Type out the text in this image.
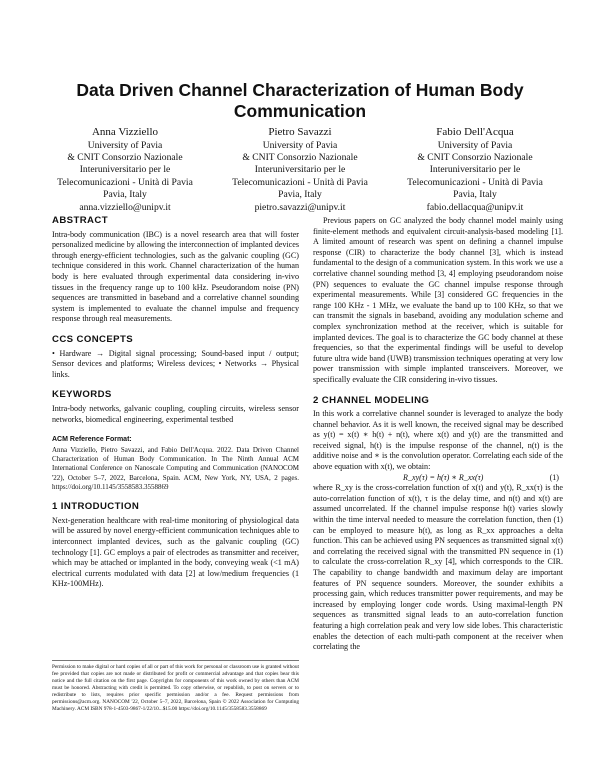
Data Driven Channel Characterization of Human Body Communication
Anna Vizziello
University of Pavia
& CNIT Consorzio Nazionale
Interuniversitario per le
Telecomunicazioni - Unità di Pavia
Pavia, Italy
anna.vizziello@unipv.it
Pietro Savazzi
University of Pavia
& CNIT Consorzio Nazionale
Interuniversitario per le
Telecomunicazioni - Unità di Pavia
Pavia, Italy
pietro.savazzi@unipv.it
Fabio Dell'Acqua
University of Pavia
& CNIT Consorzio Nazionale
Interuniversitario per le
Telecomunicazioni - Unità di Pavia
Pavia, Italy
fabio.dellacqua@unipv.it
ABSTRACT

Intra-body communication (IBC) is a novel research area that will foster personalized medicine by allowing the interconnection of implanted devices through energy-efficient technologies, such as the galvanic coupling (GC) technique considered in this work. Channel characterization of the human body is here evaluated through experimental data considering in-vivo tissues in the frequency range up to 100 kHz. Pseudorandom noise (PN) sequences are transmitted in baseband and a correlative channel sounding system is implemented to evaluate the channel impulse and frequency response through real measurements.

CCS CONCEPTS

• Hardware → Digital signal processing; Sound-based input / output; Sensor devices and platforms; Wireless devices; • Networks → Physical links.

KEYWORDS

Intra-body networks, galvanic coupling, coupling circuits, wireless sensor networks, biomedical engineering, experimental testbed

ACM Reference Format:

Anna Vizziello, Pietro Savazzi, and Fabio Dell'Acqua. 2022. Data Driven Channel Characterization of Human Body Communication. In The Ninth Annual ACM International Conference on Nanoscale Computing and Communication (NANOCOM '22), October 5–7, 2022, Barcelona, Spain. ACM, New York, NY, USA, 2 pages. https://doi.org/10.1145/3558583.3558869

1 INTRODUCTION

Next-generation healthcare with real-time monitoring of physiological data will be assured by novel energy-efficient communication techniques able to interconnect implanted devices, such as the galvanic coupling (GC) technology [1]. GC employs a pair of electrodes as transmitter and receiver, which may be attached or implanted in the body, conveying weak (<1 mA) electrical currents modulated with data [2] at low/medium frequencies (1 KHz-100MHz).

Permission to make digital or hard copies of all or part of this work for personal or classroom use is granted without fee provided that copies are not made or distributed for profit or commercial advantage and that copies bear this notice and the full citation on the first page. Copyrights for components of this work owned by others than ACM must be honored. Abstracting with credit is permitted. To copy otherwise, or republish, to post on servers or to redistribute to lists, requires prior specific permission and/or a fee. Request permissions from permissions@acm.org. NANOCOM '22, October 5–7, 2022, Barcelona, Spain © 2022 Association for Computing Machinery. ACM ISBN 978-1-4503-9867-1/22/10...$15.00 https://doi.org/10.1145/3558583.3558869

Previous papers on GC analyzed the body channel model mainly using finite-element methods and equivalent circuit-analysis-based modeling [1]. A limited amount of research was spent on defining a channel impulse response (CIR) to characterize the body channel [3], which is instead fundamental to the design of a communication system. In this work we use a correlative channel sounding method [3, 4] employing pseudorandom noise (PN) sequences to evaluate the GC channel impulse response through experimental measurements. While [3] considered GC frequencies in the range 100 KHz - 1 MHz, we evaluate the band up to 100 KHz, so that we can transmit the signals in baseband, avoiding any modulation scheme and complex synchronization method at the receiver, which is suitable for implanted devices. The goal is to characterize the GC body channel at these frequencies, so that the experimental findings will be useful to develop future ultra wide band (UWB) transmission techniques operating at very low power transmission with simple implanted transceivers. Moreover, we specifically evaluate the CIR considering in-vivo tissues.

2 CHANNEL MODELING

In this work a correlative channel sounder is leveraged to analyze the body channel behavior. As it is well known, the received signal may be described as y(t) = x(t) ∗ h(t) + n(t), where x(t) and y(t) are the transmitted and received signal, h(t) is the impulse response of the channel, n(t) is the additive noise and ∗ is the convolution operator. Correlating each side of the above equation with x(t), we obtain:

R_xy(τ) = h(τ) ∗ R_xx(τ)	(1)

where R_xy is the cross-correlation function of x(t) and y(t), R_xx(τ) is the auto-correlation function of x(t), τ is the delay time, and n(t) and x(t) are assumed uncorrelated. If the channel impulse response h(t) varies slowly within the time interval needed to measure the correlation function, then (1) can be employed to measure h(t), as long as R_xx approaches a delta function. This can be achieved using PN sequences as transmitted signal x(t) and correlating the received signal with the transmitted PN sequence in (1) to calculate the cross-correlation R_xy [4], which corresponds to the CIR. The capability to change bandwidth and maximum delay are important features of PN sequence sounders. Moreover, the sounder exhibits a processing gain, which reduces transmitter power requirements, and may be increased by employing longer code words. Using maximal-length PN sequences as transmitted signal leads to an auto-correlation function featuring a high correlation peak and very low side lobes. This characteristic enables the detection of each multi-path component at the receiver when correlating the
